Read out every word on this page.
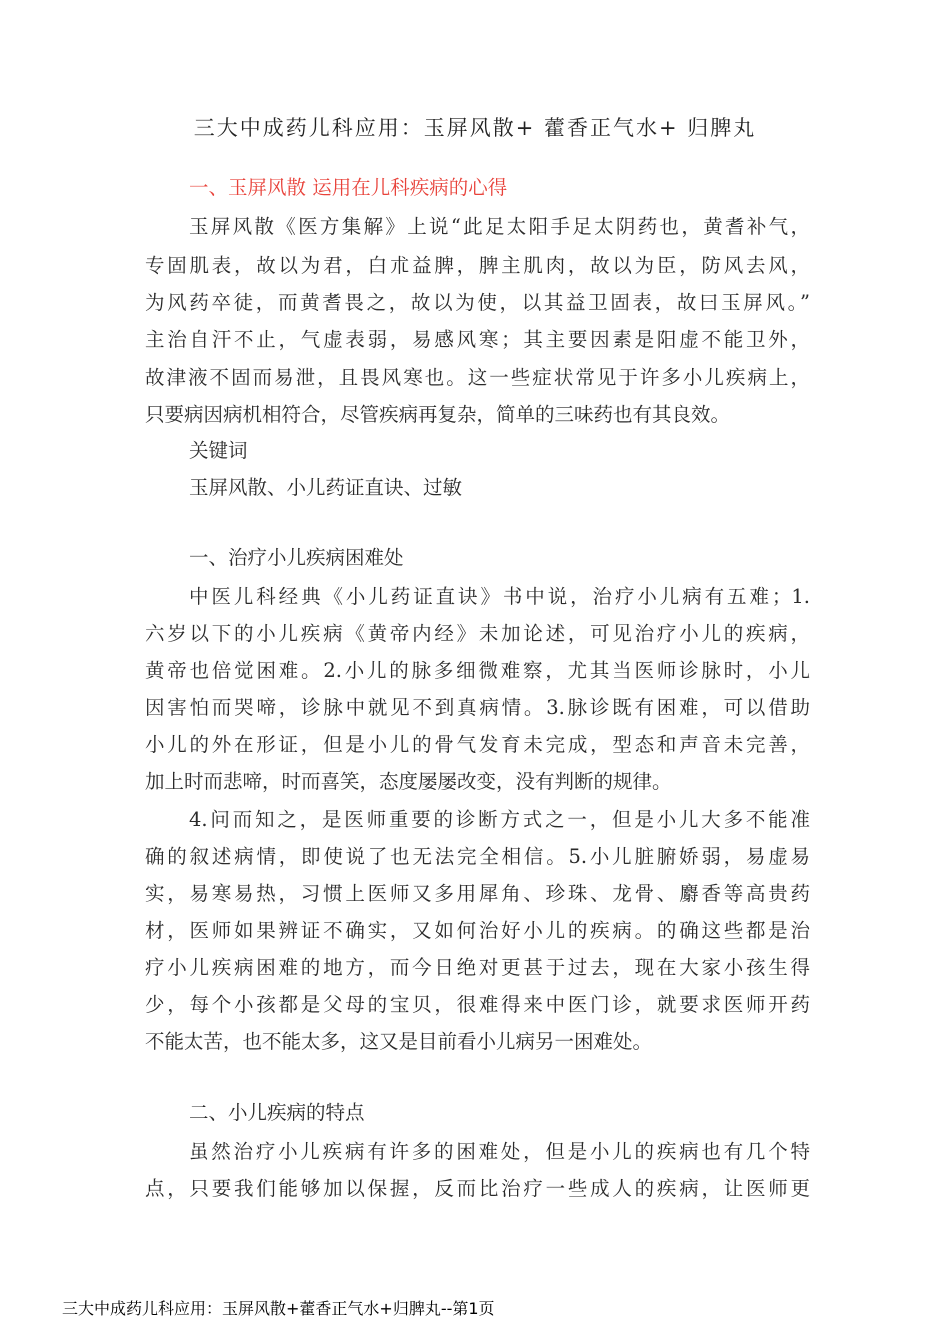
三大中成药儿科应用：玉屏风散+ 藿香正气水+ 归脾丸
一、玉屏风散 运用在儿科疾病的心得
玉屏风散《医方集解》上说“此足太阳手足太阴药也，黄耆补气，
专固肌表，故以为君，白朮益脾，脾主肌肉，故以为臣，防风去风，
为风药卒徒，而黄耆畏之，故以为使，以其益卫固表，故曰玉屏风。”
主治自汗不止，气虚表弱，易感风寒；其主要因素是阳虚不能卫外，
故津液不固而易泄，且畏风寒也。这一些症状常见于许多小儿疾病上，
只要病因病机相符合，尽管疾病再复杂，简单的三味药也有其良效。
关键词
玉屏风散、小儿药证直诀、过敏
一、治疗小儿疾病困难处
中医儿科经典《小儿药证直诀》书中说，治疗小儿病有五难；1.
六岁以下的小儿疾病《黄帝内经》未加论述，可见治疗小儿的疾病，
黄帝也倍觉困难。2.小儿的脉多细微难察，尤其当医师诊脉时，小儿
因害怕而哭啼，诊脉中就见不到真病情。3.脉诊既有困难，可以借助
小儿的外在形证，但是小儿的骨气发育未完成，型态和声音未完善，
加上时而悲啼，时而喜笑，态度屡屡改变，没有判断的规律。
4.问而知之，是医师重要的诊断方式之一，但是小儿大多不能准
确的叙述病情，即使说了也无法完全相信。5.小儿脏腑娇弱，易虚易
实，易寒易热，习惯上医师又多用犀角、珍珠、龙骨、麝香等高贵药
材，医师如果辨证不确实，又如何治好小儿的疾病。的确这些都是治
疗小儿疾病困难的地方，而今日绝对更甚于过去，现在大家小孩生得
少，每个小孩都是父母的宝贝，很难得来中医门诊，就要求医师开药
不能太苦，也不能太多，这又是目前看小儿病另一困难处。
二、小儿疾病的特点
虽然治疗小儿疾病有许多的困难处，但是小儿的疾病也有几个特
点，只要我们能够加以保握，反而比治疗一些成人的疾病，让医师更
三大中成药儿科应用：玉屏风散+藿香正气水+归脾丸--第1页
